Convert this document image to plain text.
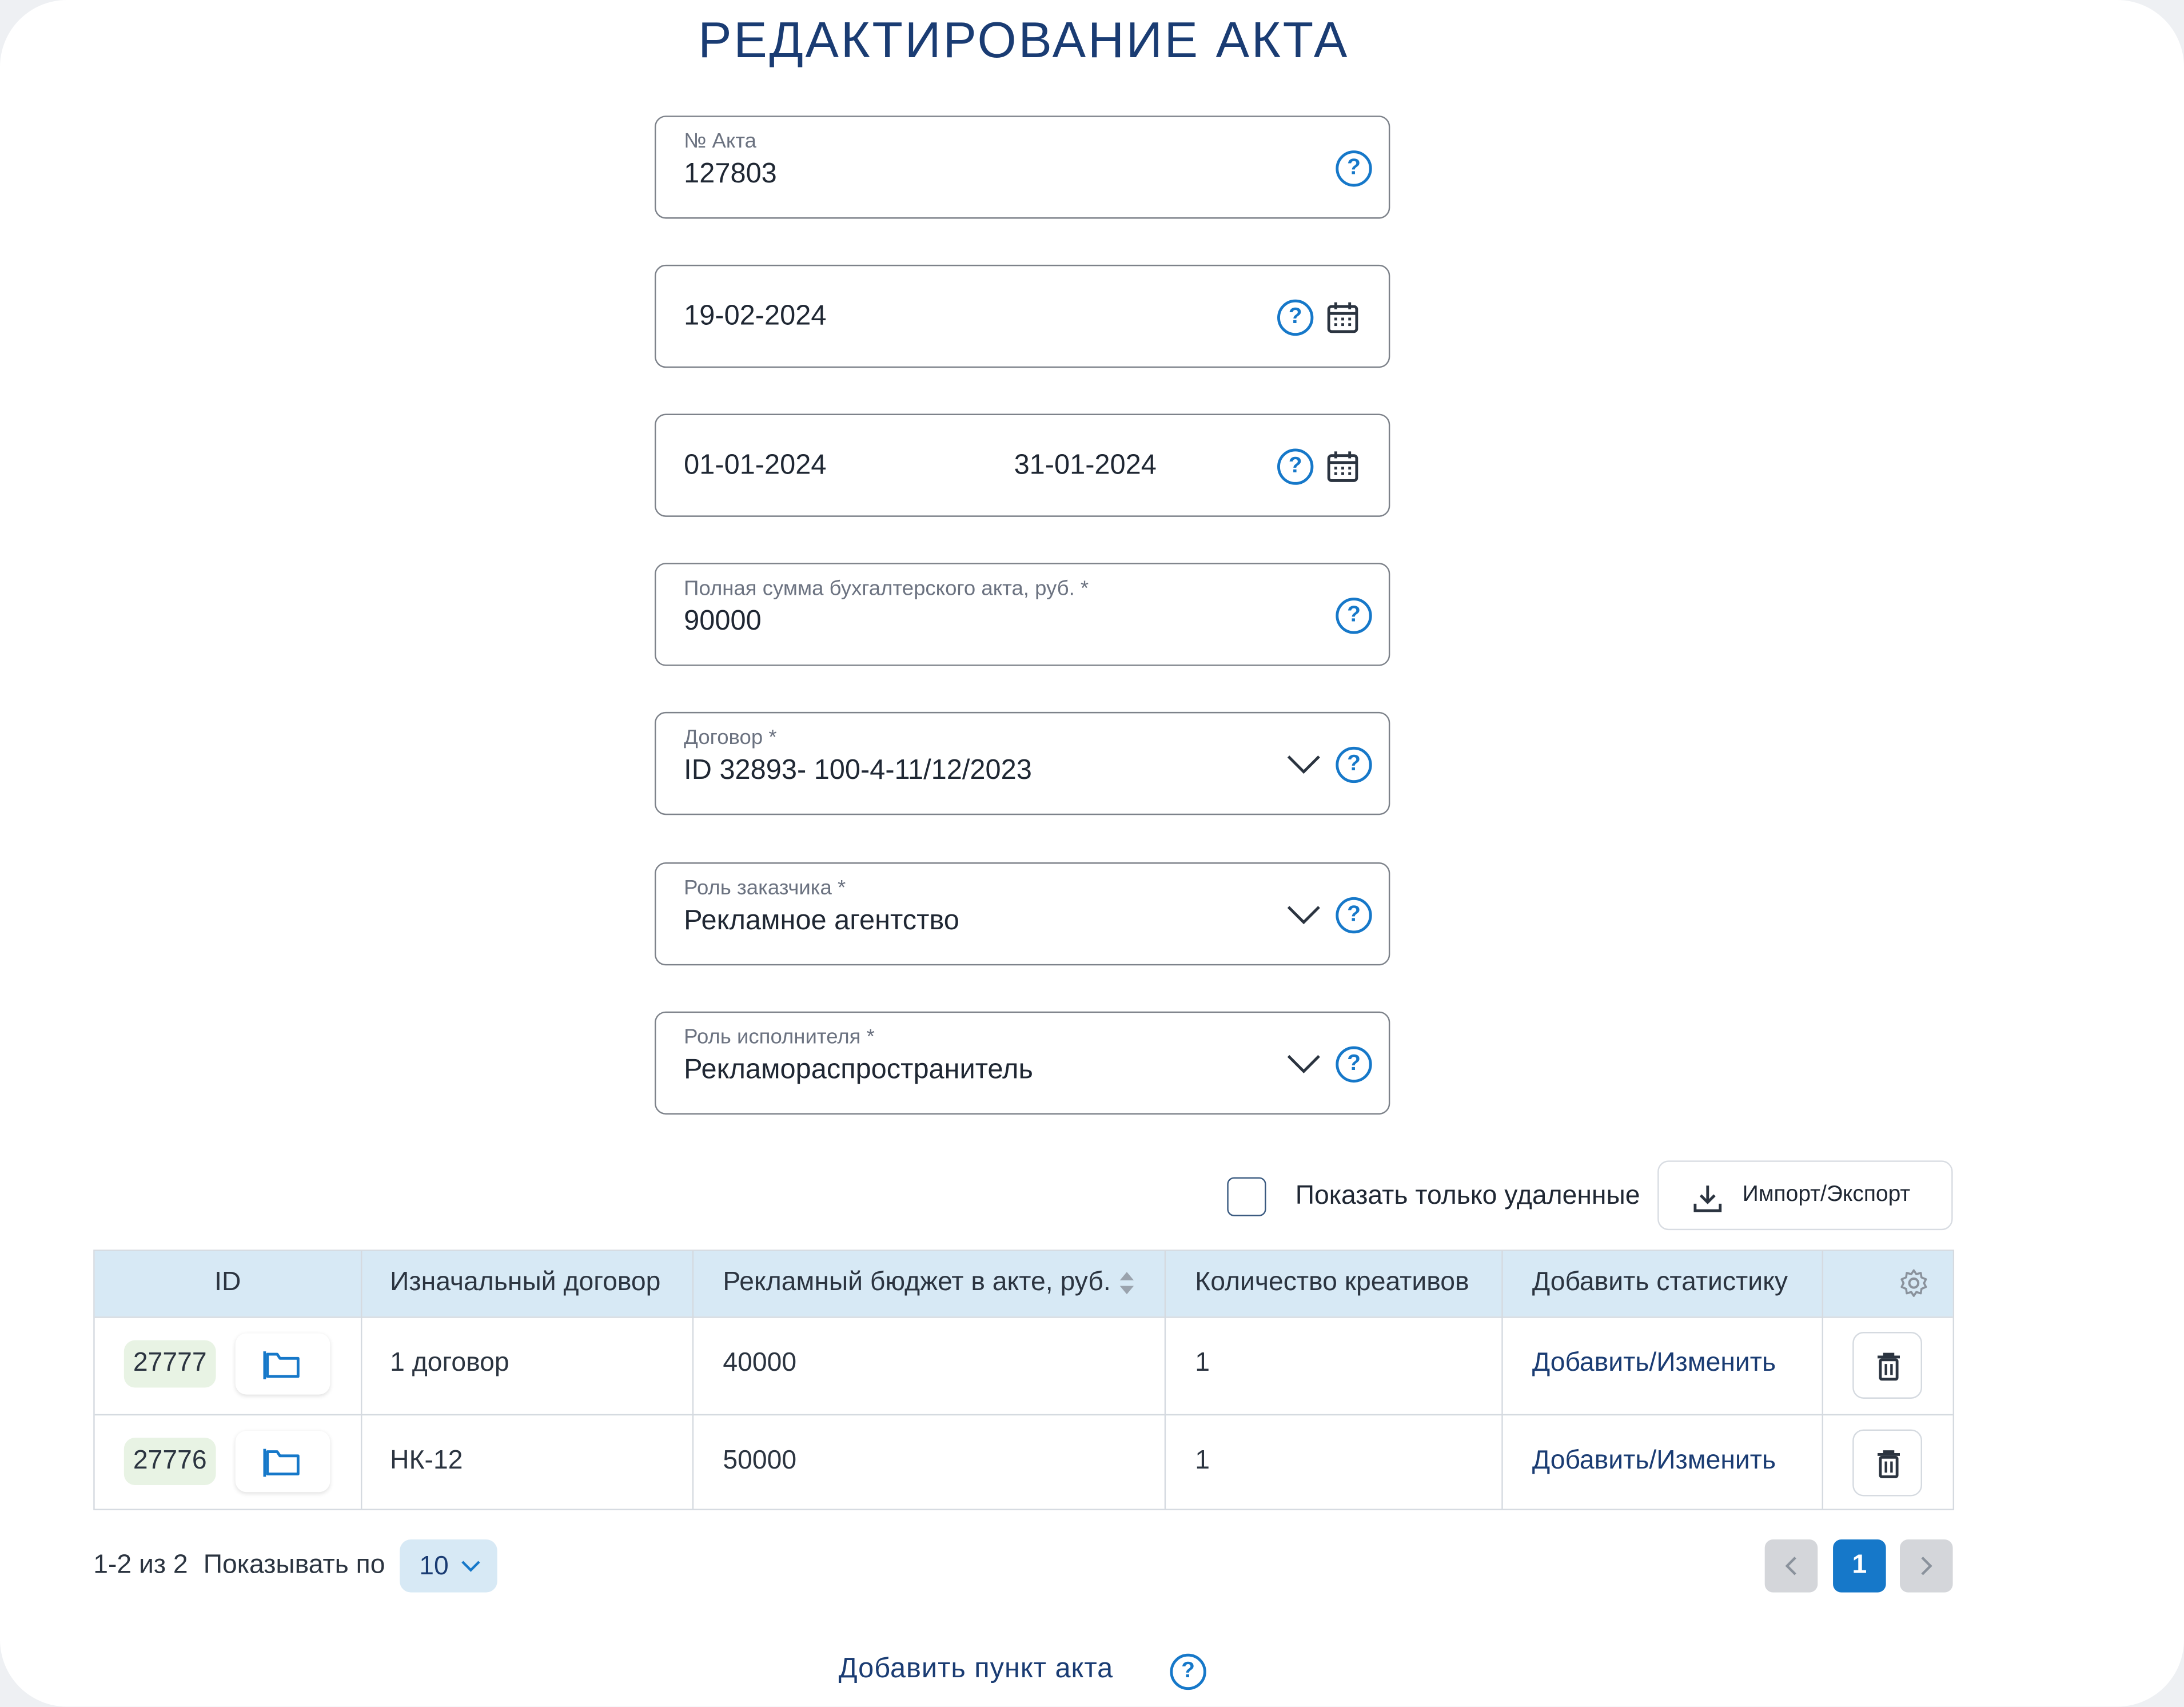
РЕДАКТИРОВАНИЕ АКТА
№ Акта
127803	?
19-02-2024	?
01-01-2024	31-01-2024	?
Полная сумма бухгалтерского акта, руб. *
90000	?
Договор *
ID 32893- 100-4-11/12/2023	?
Роль заказчика *
Рекламное агентство	?
Роль исполнителя *
Рекламораспространитель	?
Показать только удаленные	Импорт/Экспорт
ID	Изначальный договор	Рекламный бюджет в акте, руб.	Количество креативов	Добавить статистику
27777	1 договор	40000	1	Добавить/Изменить
27776	НК-12	50000	1	Добавить/Изменить
1-2 из 2 Показывать по	10	1
Добавить пункт акта	?
